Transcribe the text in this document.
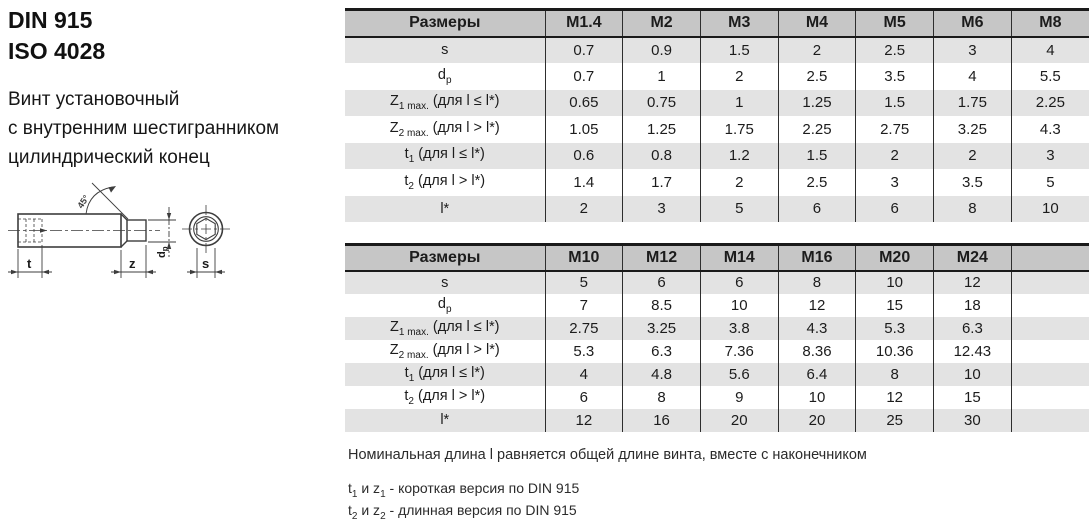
DIN 915
ISO 4028
Винт установочный
с внутренним шестигранником
цилиндрический конец
45°
t	z
$d_p$
s
Размеры	M1.4	M2	M3	M4	M5	M6	M8
s	0.7	0.9	1.5	2	2.5	3	4
$d_p$	0.7	1	2	2.5	3.5	4	5.5
$Z_{1 max.}$ (для l ≤ l*)	0.65	0.75	1	1.25	1.5	1.75	2.25
$Z_{2 max.}$ (для l > l*)	1.05	1.25	1.75	2.25	2.75	3.25	4.3
$t_1$ (для l ≤ l*)	0.6	0.8	1.2	1.5	2	2	3
$t_2$ (для l > l*)	1.4	1.7	2	2.5	3	3.5	5
l*	2	3	5	6	6	8	10
Размеры	M10	M12	M14	M16	M20	M24	
s	5	6	6	8	10	12	
$d_p$	7	8.5	10	12	15	18	
$Z_{1 max.}$ (для l ≤ l*)	2.75	3.25	3.8	4.3	5.3	6.3	
$Z_{2 max.}$ (для l > l*)	5.3	6.3	7.36	8.36	10.36	12.43	
$t_1$ (для l ≤ l*)	4	4.8	5.6	6.4	8	10	
$t_2$ (для l > l*)	6	8	9	10	12	15	
l*	12	16	20	20	25	30	
Номинальная длина l равняется общей длине винта, вместе с наконечником
$t_1$ и $z_1$ - короткая версия по DIN 915
$t_2$ и $z_2$ - длинная версия по DIN 915
